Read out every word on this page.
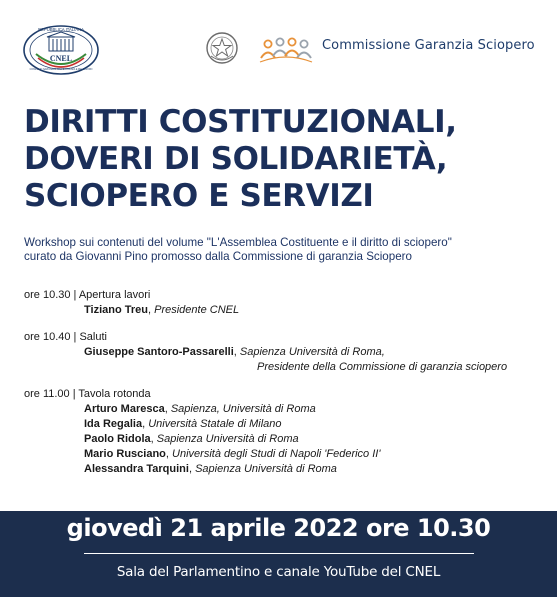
REPUBBLICA ITALIANA
CNEL
CONSIGLIO NAZIONALE DELL'ECONOMIA E DEL LAVORO
Commissione Garanzia Sciopero
DIRITTI COSTITUZIONALI,
DOVERI DI SOLIDARIETÀ,
SCIOPERO E SERVIZI
Workshop sui contenuti del volume "L'Assemblea Costituente e il diritto di sciopero"
curato da Giovanni Pino promosso dalla Commissione di garanzia Sciopero
ore 10.30 | Apertura lavori
Tiziano Treu, Presidente CNEL
ore 10.40 | Saluti
Giuseppe Santoro-Passarelli, Sapienza Università di Roma,
Presidente della Commissione di garanzia sciopero
ore 11.00 | Tavola rotonda
Arturo Maresca, Sapienza, Università di Roma
Ida Regalia, Università Statale di Milano
Paolo Ridola, Sapienza Università di Roma
Mario Rusciano, Università degli Studi di Napoli 'Federico II'
Alessandra Tarquini, Sapienza Università di Roma
giovedì 21 aprile 2022 ore 10.30
Sala del Parlamentino e canale YouTube del CNEL
